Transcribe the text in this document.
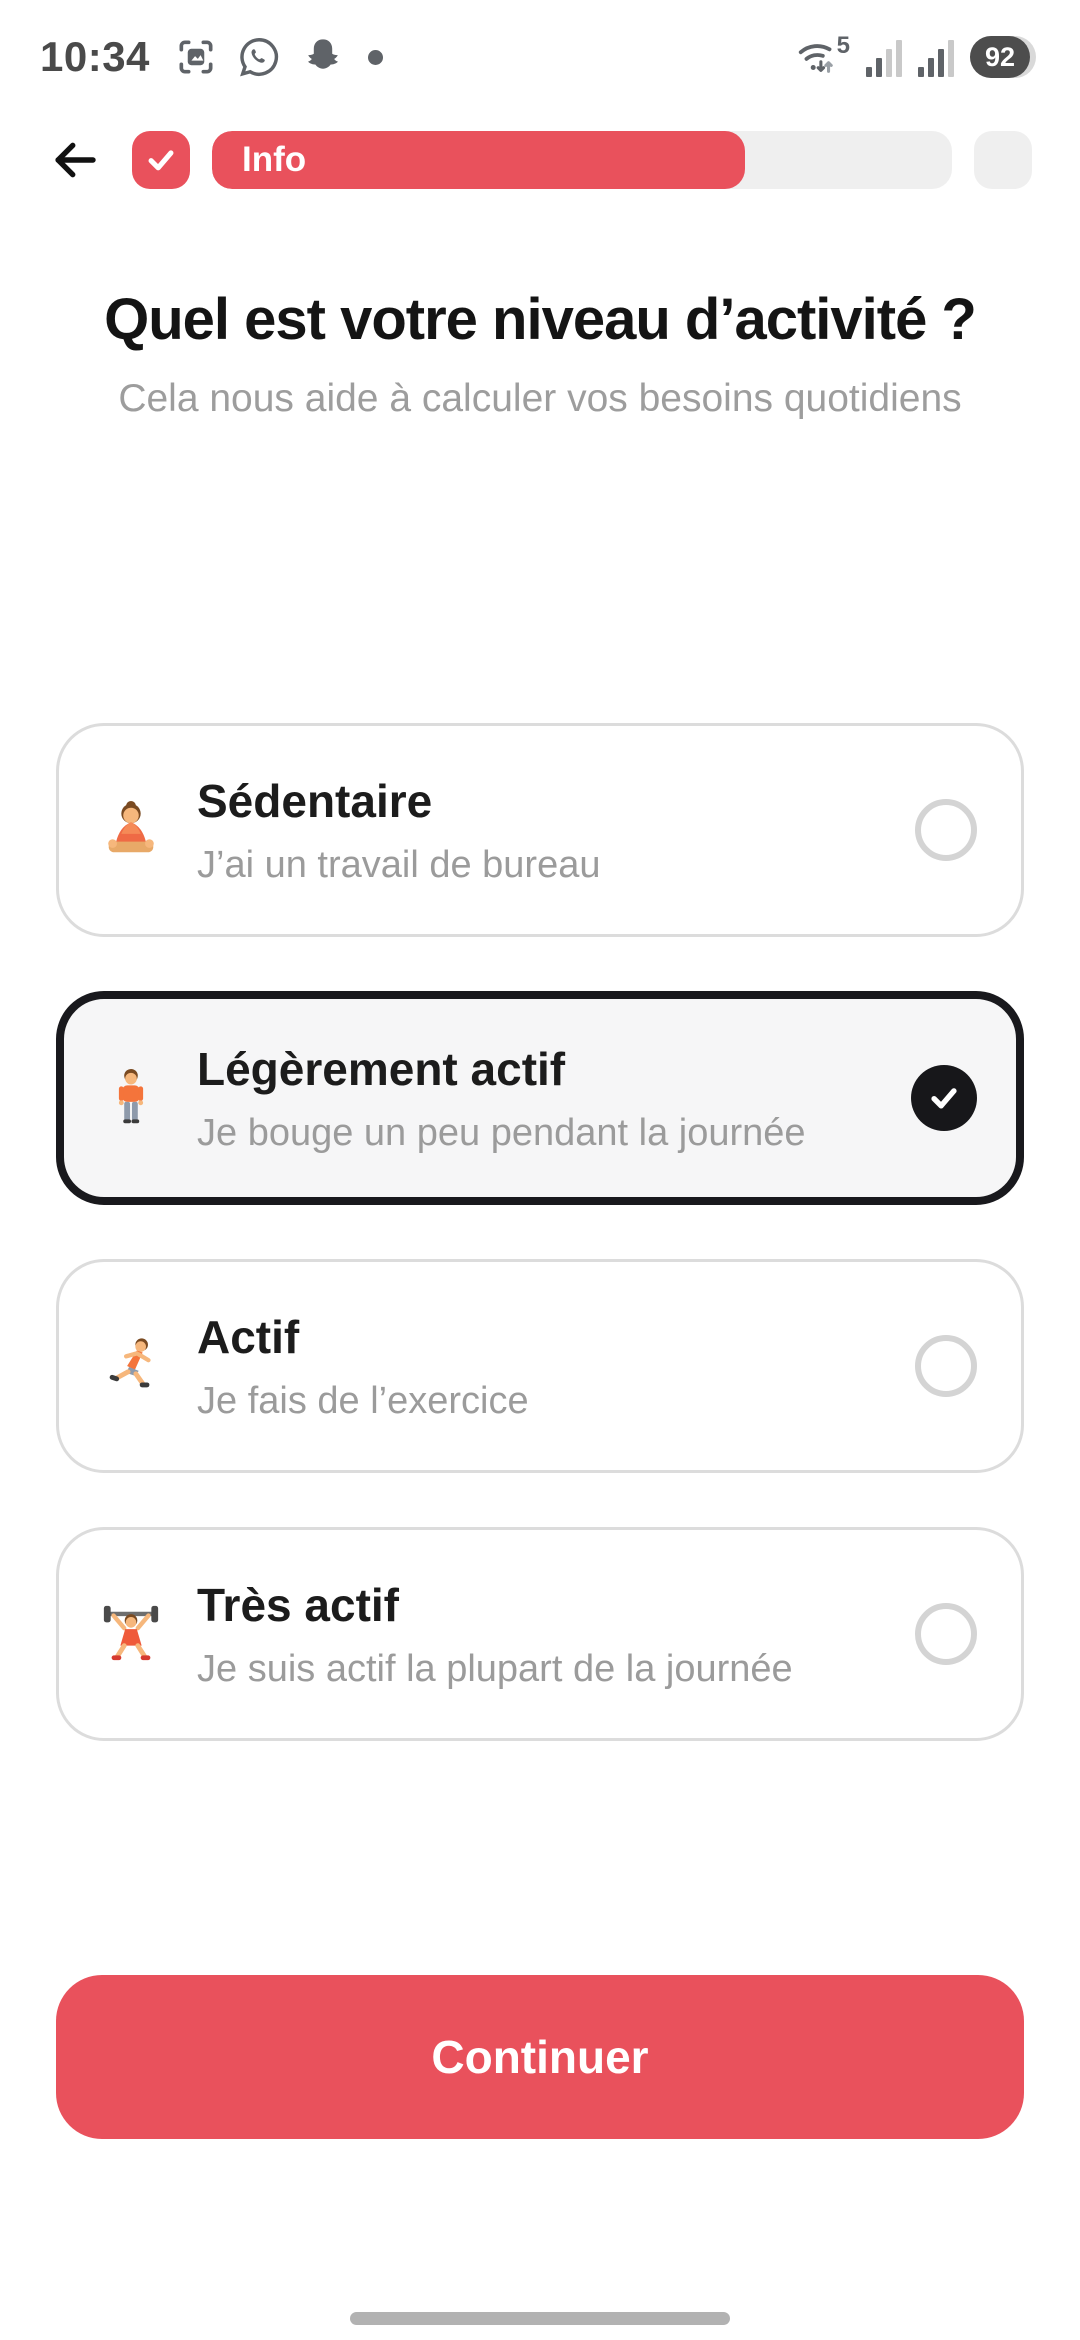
10:34	5	92
Info
Quel est votre niveau d’activité ?

Cela nous aide à calculer vos besoins quotidiens

Sédentaire
J’ai un travail de bureau
Légèrement actif
Je bouge un peu pendant la journée
Actif
Je fais de l’exercice
Très actif
Je suis actif la plupart de la journée
Continuer
